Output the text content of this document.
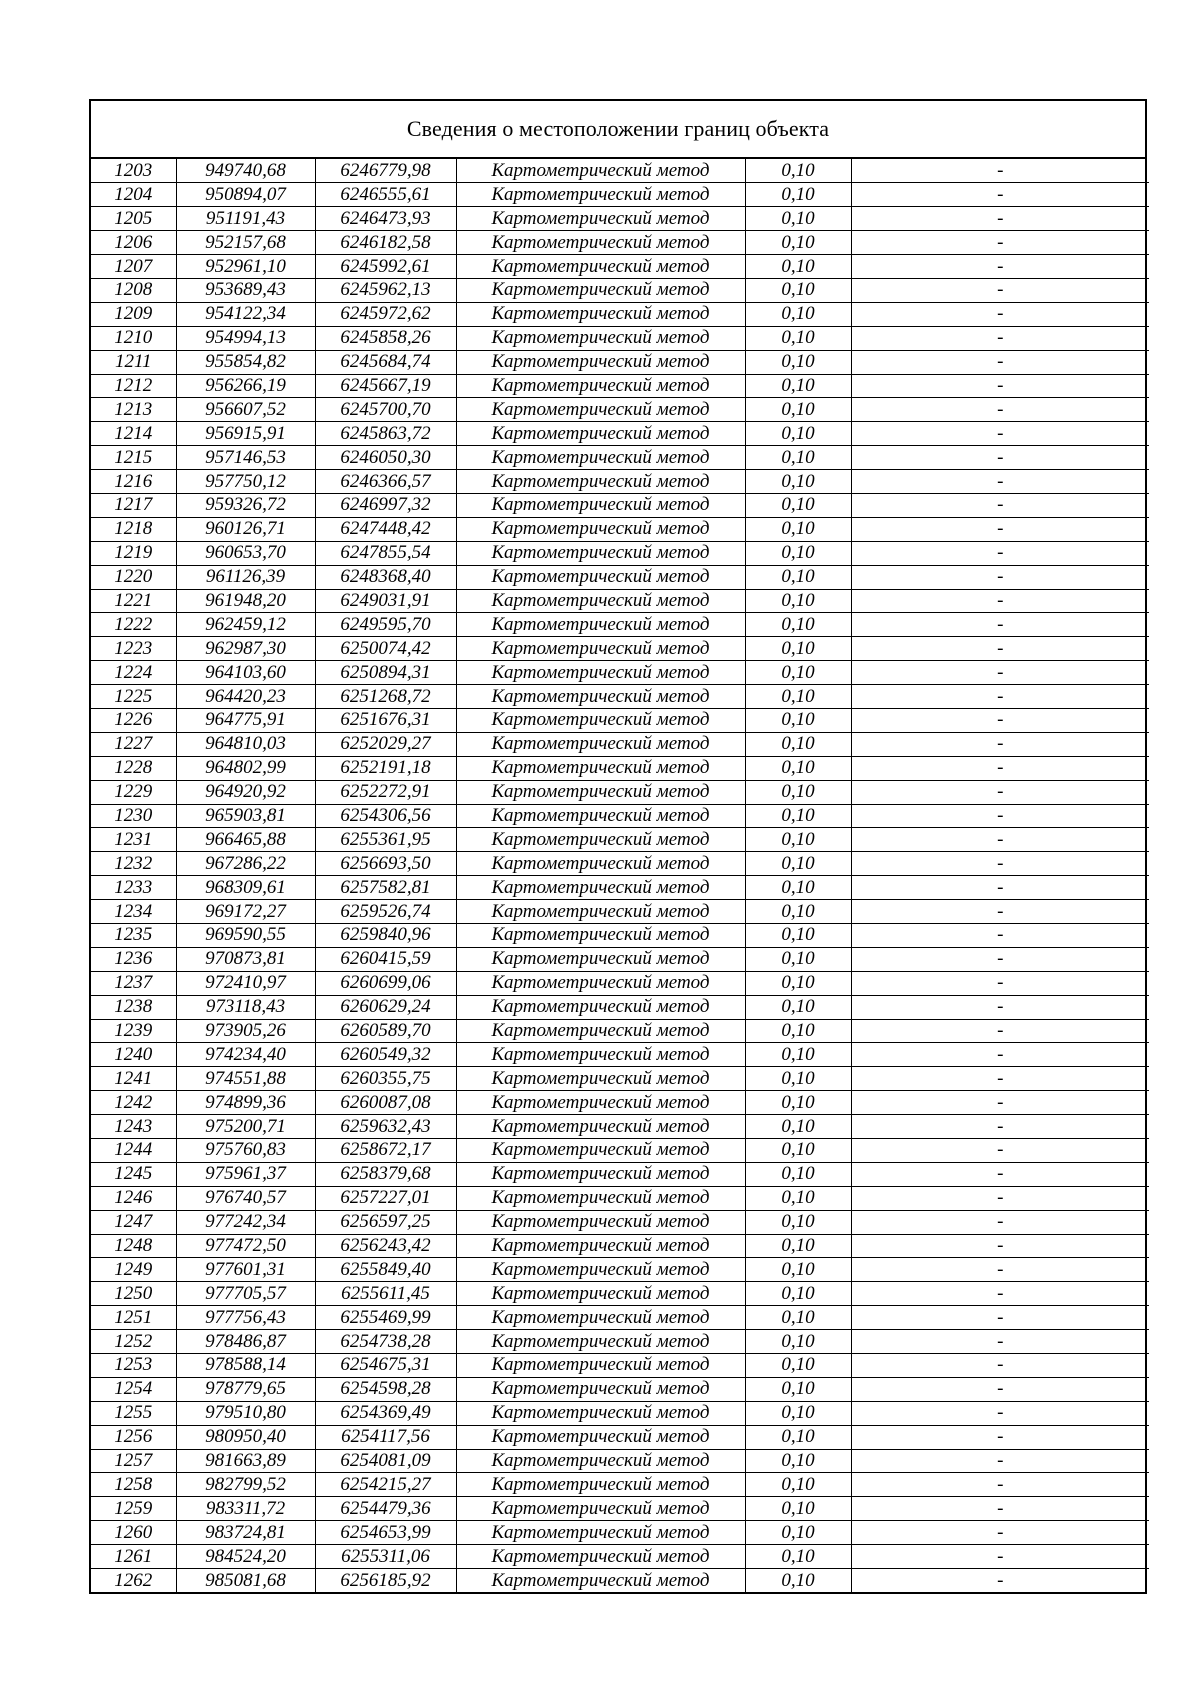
Сведения о местоположении границ объекта
1203	949740,68	6246779,98	Картометрический метод	0,10	-
1204	950894,07	6246555,61	Картометрический метод	0,10	-
1205	951191,43	6246473,93	Картометрический метод	0,10	-
1206	952157,68	6246182,58	Картометрический метод	0,10	-
1207	952961,10	6245992,61	Картометрический метод	0,10	-
1208	953689,43	6245962,13	Картометрический метод	0,10	-
1209	954122,34	6245972,62	Картометрический метод	0,10	-
1210	954994,13	6245858,26	Картометрический метод	0,10	-
1211	955854,82	6245684,74	Картометрический метод	0,10	-
1212	956266,19	6245667,19	Картометрический метод	0,10	-
1213	956607,52	6245700,70	Картометрический метод	0,10	-
1214	956915,91	6245863,72	Картометрический метод	0,10	-
1215	957146,53	6246050,30	Картометрический метод	0,10	-
1216	957750,12	6246366,57	Картометрический метод	0,10	-
1217	959326,72	6246997,32	Картометрический метод	0,10	-
1218	960126,71	6247448,42	Картометрический метод	0,10	-
1219	960653,70	6247855,54	Картометрический метод	0,10	-
1220	961126,39	6248368,40	Картометрический метод	0,10	-
1221	961948,20	6249031,91	Картометрический метод	0,10	-
1222	962459,12	6249595,70	Картометрический метод	0,10	-
1223	962987,30	6250074,42	Картометрический метод	0,10	-
1224	964103,60	6250894,31	Картометрический метод	0,10	-
1225	964420,23	6251268,72	Картометрический метод	0,10	-
1226	964775,91	6251676,31	Картометрический метод	0,10	-
1227	964810,03	6252029,27	Картометрический метод	0,10	-
1228	964802,99	6252191,18	Картометрический метод	0,10	-
1229	964920,92	6252272,91	Картометрический метод	0,10	-
1230	965903,81	6254306,56	Картометрический метод	0,10	-
1231	966465,88	6255361,95	Картометрический метод	0,10	-
1232	967286,22	6256693,50	Картометрический метод	0,10	-
1233	968309,61	6257582,81	Картометрический метод	0,10	-
1234	969172,27	6259526,74	Картометрический метод	0,10	-
1235	969590,55	6259840,96	Картометрический метод	0,10	-
1236	970873,81	6260415,59	Картометрический метод	0,10	-
1237	972410,97	6260699,06	Картометрический метод	0,10	-
1238	973118,43	6260629,24	Картометрический метод	0,10	-
1239	973905,26	6260589,70	Картометрический метод	0,10	-
1240	974234,40	6260549,32	Картометрический метод	0,10	-
1241	974551,88	6260355,75	Картометрический метод	0,10	-
1242	974899,36	6260087,08	Картометрический метод	0,10	-
1243	975200,71	6259632,43	Картометрический метод	0,10	-
1244	975760,83	6258672,17	Картометрический метод	0,10	-
1245	975961,37	6258379,68	Картометрический метод	0,10	-
1246	976740,57	6257227,01	Картометрический метод	0,10	-
1247	977242,34	6256597,25	Картометрический метод	0,10	-
1248	977472,50	6256243,42	Картометрический метод	0,10	-
1249	977601,31	6255849,40	Картометрический метод	0,10	-
1250	977705,57	6255611,45	Картометрический метод	0,10	-
1251	977756,43	6255469,99	Картометрический метод	0,10	-
1252	978486,87	6254738,28	Картометрический метод	0,10	-
1253	978588,14	6254675,31	Картометрический метод	0,10	-
1254	978779,65	6254598,28	Картометрический метод	0,10	-
1255	979510,80	6254369,49	Картометрический метод	0,10	-
1256	980950,40	6254117,56	Картометрический метод	0,10	-
1257	981663,89	6254081,09	Картометрический метод	0,10	-
1258	982799,52	6254215,27	Картометрический метод	0,10	-
1259	983311,72	6254479,36	Картометрический метод	0,10	-
1260	983724,81	6254653,99	Картометрический метод	0,10	-
1261	984524,20	6255311,06	Картометрический метод	0,10	-
1262	985081,68	6256185,92	Картометрический метод	0,10	-
